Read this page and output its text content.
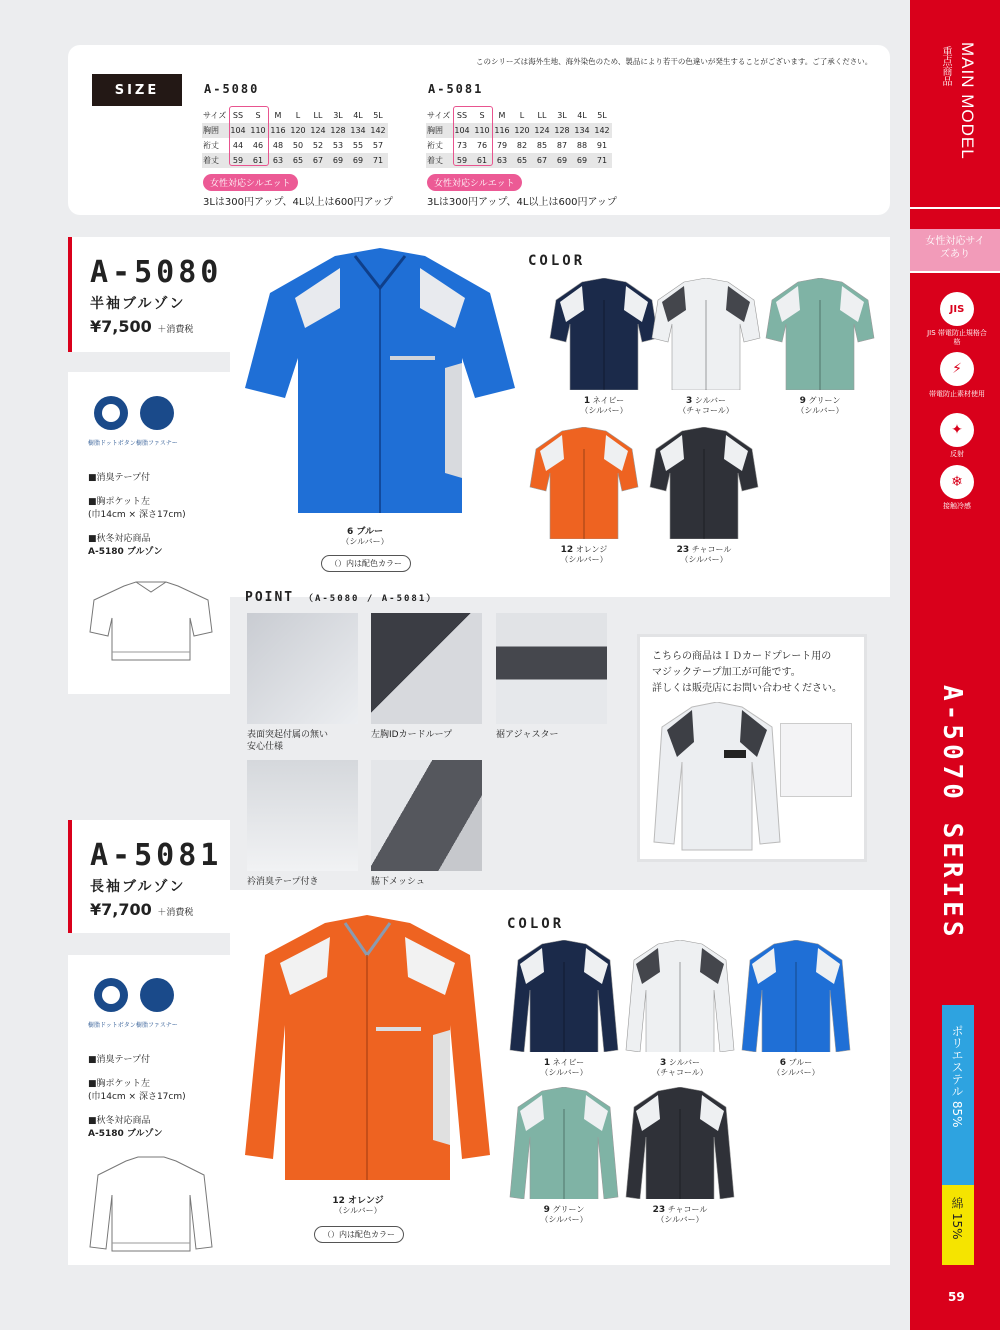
このシリーズは海外生地、海外染色のため、製品により若干の色違いが発生することがございます。ご了承ください。
SIZE	A-5080
サイズ	SS	S	M	L	LL	3L	4L	5L
胸囲	104	110	116	120	124	128	134	142
裄丈	44	46	48	50	52	53	55	57
着丈	59	61	63	65	67	69	69	71
女性対応シルエット
3Lは300円アップ、4L以上は600円アップ
A-5081
サイズ	SS	S	M	L	LL	3L	4L	5L
胸囲	104	110	116	120	124	128	134	142
裄丈	73	76	79	82	85	87	88	91
着丈	59	61	63	65	67	69	69	71
女性対応シルエット
3Lは300円アップ、4L以上は600円アップ
A-5080
半袖ブルゾン
¥7,500 ＋消費税
樹脂ドットボタン 樹脂ファスナー
■消臭テープ付
■胸ポケット左
(巾14cm × 深さ17cm)
■秋冬対応商品
A-5180 ブルゾン
6 ブルー
（シルバー）
（）内は配色カラー
COLOR
1 ネイビー
（シルバー）
3 シルバー
（チャコール）
9 グリーン
（シルバー）
12 オレンジ
（シルバー）
23 チャコール
（シルバー）
POINT （A-5080 / A-5081）
表面突起付属の無い
安心仕様
左胸IDカードループ	裾アジャスター
衿消臭テープ付き	脇下メッシュ
こちらの商品はＩＤカードプレート用の
マジックテープ加工が可能です。
詳しくは販売店にお問い合わせください。
A-5081
長袖ブルゾン
¥7,700 ＋消費税
樹脂ドットボタン 樹脂ファスナー
■消臭テープ付
■胸ポケット左
(巾14cm × 深さ17cm)
■秋冬対応商品
A-5180 ブルゾン
12 オレンジ
（シルバー）
（）内は配色カラー
COLOR
1 ネイビー
（シルバー）
3 シルバー
（チャコール）
6 ブルー
（シルバー）
9 グリーン
（シルバー）
23 チャコール
（シルバー）
MAIN MODEL
重点商品
女性対応サイズあり
JIS
JIS 帯電防止規格合格
⚡
帯電防止素材使用
✦
反射
❄
接触冷感
A-5070 SERIES
ポリエステル 85%
綿 15%
59
